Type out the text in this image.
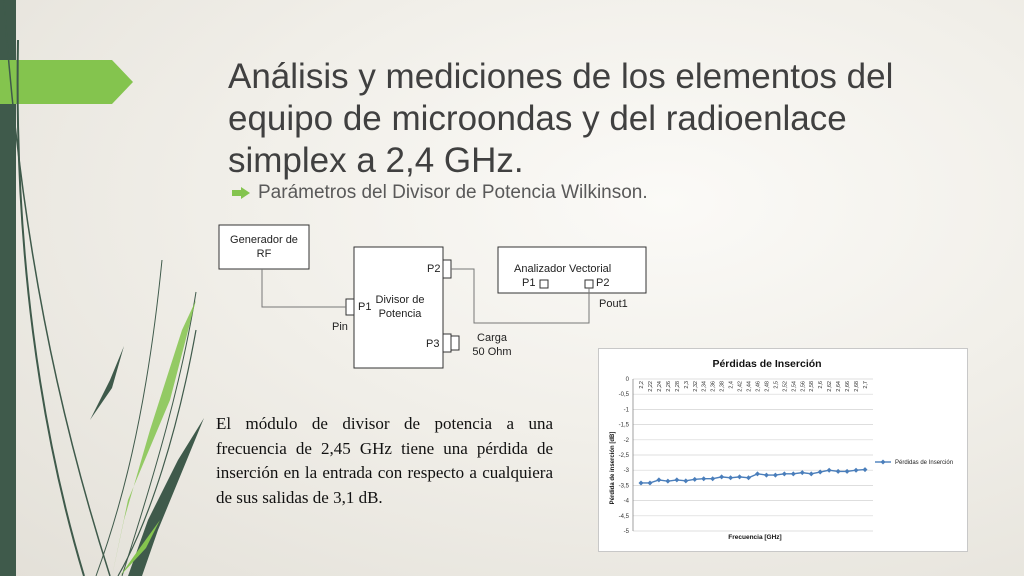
Análisis y mediciones de los elementos del
equipo de microondas y del radioenlace
simplex a 2,4 GHz.
Parámetros del Divisor de Potencia Wilkinson.
Generador de
RF
Divisor de
Potencia
P1
P2
P3
Pin
Carga
50 Ohm
Analizador Vectorial
P1	P2
Pout1
El módulo de divisor de potencia a una frecuencia de 2,45 GHz tiene una pérdida de inserción en la entrada con respecto a cualquiera de sus salidas de 3,1 dB.
Pérdidas de Inserción
0
-0,5
-1
-1,5
-2
-2,5
-3
-3,5
-4
-4,5
-5
2,2 2,22 2,24 2,26 2,28 2,3 2,32 2,34 2,36 2,38 2,4 2,42 2,44 2,46 2,48 2,5 2,52 2,54 2,56 2,58 2,6 2,62 2,64 2,66 2,68 2,7
Pérdida de inserción [dB]
Frecuencia [GHz]
Pérdidas de Inserción
